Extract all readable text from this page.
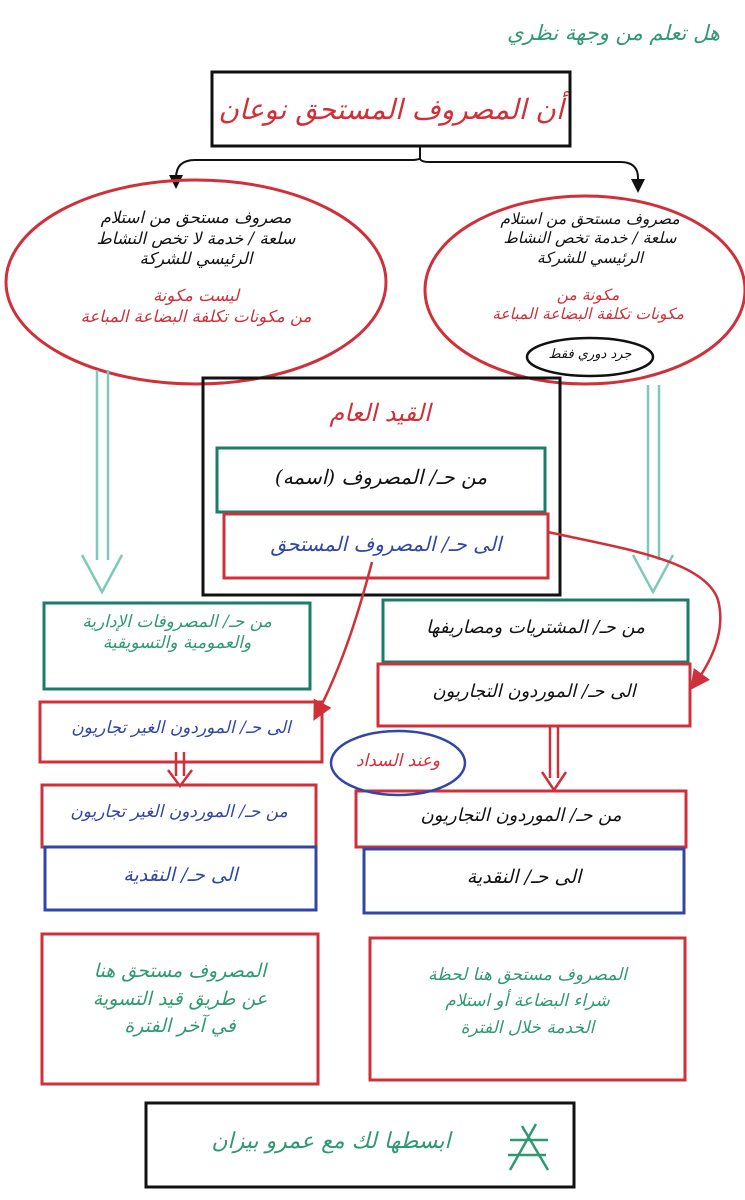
هل تعلم من وجهة نظري
أن المصروف المستحق نوعان
مصروف مستحق من استلام
سلعة / خدمة لا تخص النشاط
الرئيسي للشركة
ليست مكونة
من مكونات تكلفة البضاعة المباعة
مصروف مستحق من استلام
سلعة / خدمة تخص النشاط
الرئيسي للشركة
مكونة من
مكونات تكلفة البضاعة المباعة
جرد دوري فقط
القيد العام
من حـ/ المصروف (اسمه)
الى حـ/ المصروف المستحق
من حـ/ المصروفات الإدارية
والعمومية والتسويقية
الى حـ/ الموردون الغير تجاريون
من حـ/ الموردون الغير تجاريون
الى حـ/ النقدية
من حـ/ المشتريات ومصاريفها
الى حـ/ الموردون التجاريون
وعند السداد
من حـ/ الموردون التجاريون
الى حـ/ النقدية
المصروف مستحق هنا
عن طريق قيد التسوية
في آخر الفترة
المصروف مستحق هنا لحظة
شراء البضاعة أو استلام
الخدمة خلال الفترة
ابسطها لك مع عمرو بيزان
